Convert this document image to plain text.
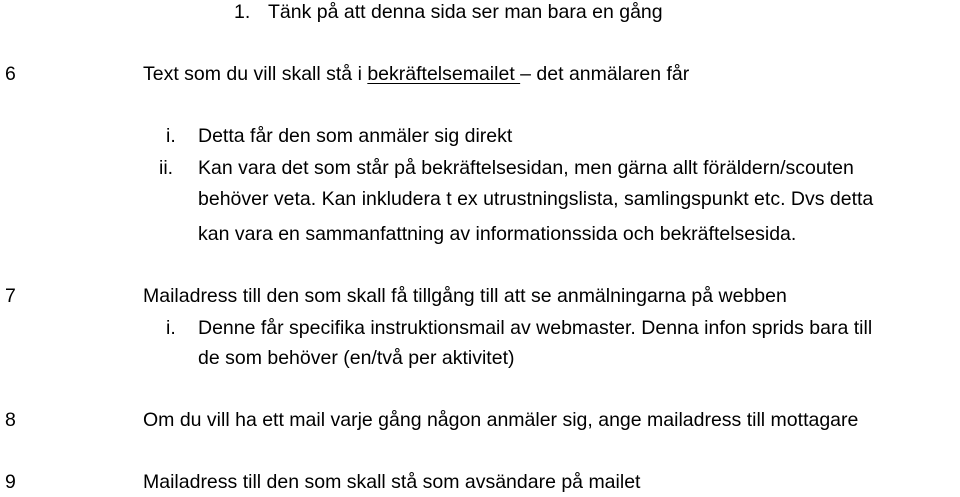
1. Tänk på att denna sida ser man bara en gång
6	Text som du vill skall stå i bekräftelsemailet – det anmälaren får
i. Detta får den som anmäler sig direkt
ii. Kan vara det som står på bekräftelsesidan, men gärna allt föräldern/scouten
behöver veta. Kan inkludera t ex utrustningslista, samlingspunkt etc. Dvs detta
kan vara en sammanfattning av informationssida och bekräftelsesida.
7	Mailadress till den som skall få tillgång till att se anmälningarna på webben
i. Denne får specifika instruktionsmail av webmaster. Denna infon sprids bara till
de som behöver (en/två per aktivitet)
8	Om du vill ha ett mail varje gång någon anmäler sig, ange mailadress till mottagare
9	Mailadress till den som skall stå som avsändare på mailet
